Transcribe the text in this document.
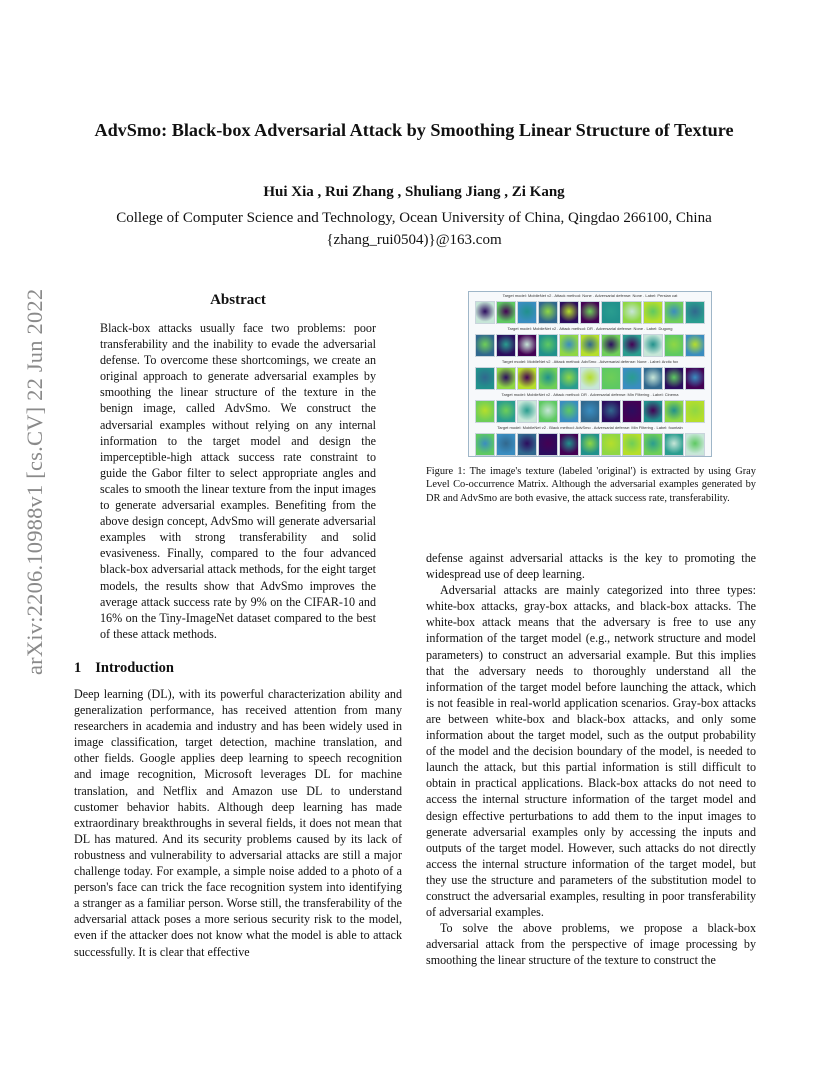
arXiv:2206.10988v1 [cs.CV] 22 Jun 2022
AdvSmo: Black-box Adversarial Attack by Smoothing Linear Structure of Texture
Hui Xia , Rui Zhang , Shuliang Jiang , Zi Kang
College of Computer Science and Technology, Ocean University of China, Qingdao 266100, China
{zhang_rui0504)}@163.com
Abstract
Black-box attacks usually face two problems: poor transferability and the inability to evade the adversarial defense. To overcome these shortcomings, we create an original approach to generate adversarial examples by smoothing the linear structure of the texture in the benign image, called AdvSmo. We construct the adversarial examples without relying on any internal information to the target model and design the imperceptible-high attack success rate constraint to guide the Gabor filter to select appropriate angles and scales to smooth the linear texture from the input images to generate adversarial examples. Benefiting from the above design concept, AdvSmo will generate adversarial examples with strong transferability and solid evasiveness. Finally, compared to the four advanced black-box adversarial attack methods, for the eight target models, the results show that AdvSmo improves the average attack success rate by 9% on the CIFAR-10 and 16% on the Tiny-ImageNet dataset compared to the best of these attack methods.
1 Introduction

Deep learning (DL), with its powerful characterization ability and generalization performance, has received attention from many researchers in academia and industry and has been widely used in image classification, target detection, machine translation, and other fields. Google applies deep learning to speech recognition and image recognition, Microsoft leverages DL for machine translation, and Netflix and Amazon use DL to understand customer behavior habits. Although deep learning has made extraordinary breakthroughs in several fields, it does not mean that DL has matured. And its security problems caused by its lack of robustness and vulnerability to adversarial attacks are still a major challenge today. For example, a simple noise added to a photo of a person's face can trick the face recognition system into identifying a stranger as a familiar person. Worse still, the transferability of the adversarial attack poses a more serious security risk to the model, even if the attacker does not know what the model is able to attack successfully. It is clear that effective

Target model: MobileNet v2 . Attack method: None . Adversarial defense: None . Label: Persian cat
Target model: MobileNet v2 . Attack method: DR . Adversarial defense: None . Label: Dugong
Target model: MobileNet v2 . Attack method: AdvSmo . Adversarial defense: None . Label: Arctic fox
Target model: MobileNet v2 . Attack method: DR . Adversarial defense: Min Filtering . Label: Cinema
Target model: MobileNet v2 . Black method: AdvSmo . Adversarial defense: Min Filtering . Label: fountain
Figure 1: The image's texture (labeled 'original') is extracted by using Gray Level Co-occurrence Matrix. Although the adversarial examples generated by DR and AdvSmo are both evasive, the attack success rate, transferability.

defense against adversarial attacks is the key to promoting the widespread use of deep learning.

Adversarial attacks are mainly categorized into three types: white-box attacks, gray-box attacks, and black-box attacks. The white-box attack means that the adversary is free to use any information of the target model (e.g., network structure and model parameters) to construct an adversarial example. But this implies that the adversary needs to thoroughly understand all the information of the target model before launching the attack, which is not feasible in real-world application scenarios. Gray-box attacks are between white-box and black-box attacks, and only some information about the target model, such as the output probability of the model and the decision boundary of the model, is needed to launch the attack, but this partial information is still difficult to obtain in practical applications. Black-box attacks do not need to access the internal structure information of the target model and design effective perturbations to add them to the input images to generate adversarial examples only by accessing the inputs and outputs of the target model. However, such attacks do not directly access the internal structure information of the target model, but they use the structure and parameters of the substitution model to construct the adversarial examples, resulting in poor transferability of adversarial examples.

To solve the above problems, we propose a black-box adversarial attack from the perspective of image processing by smoothing the linear structure of the texture to construct the
